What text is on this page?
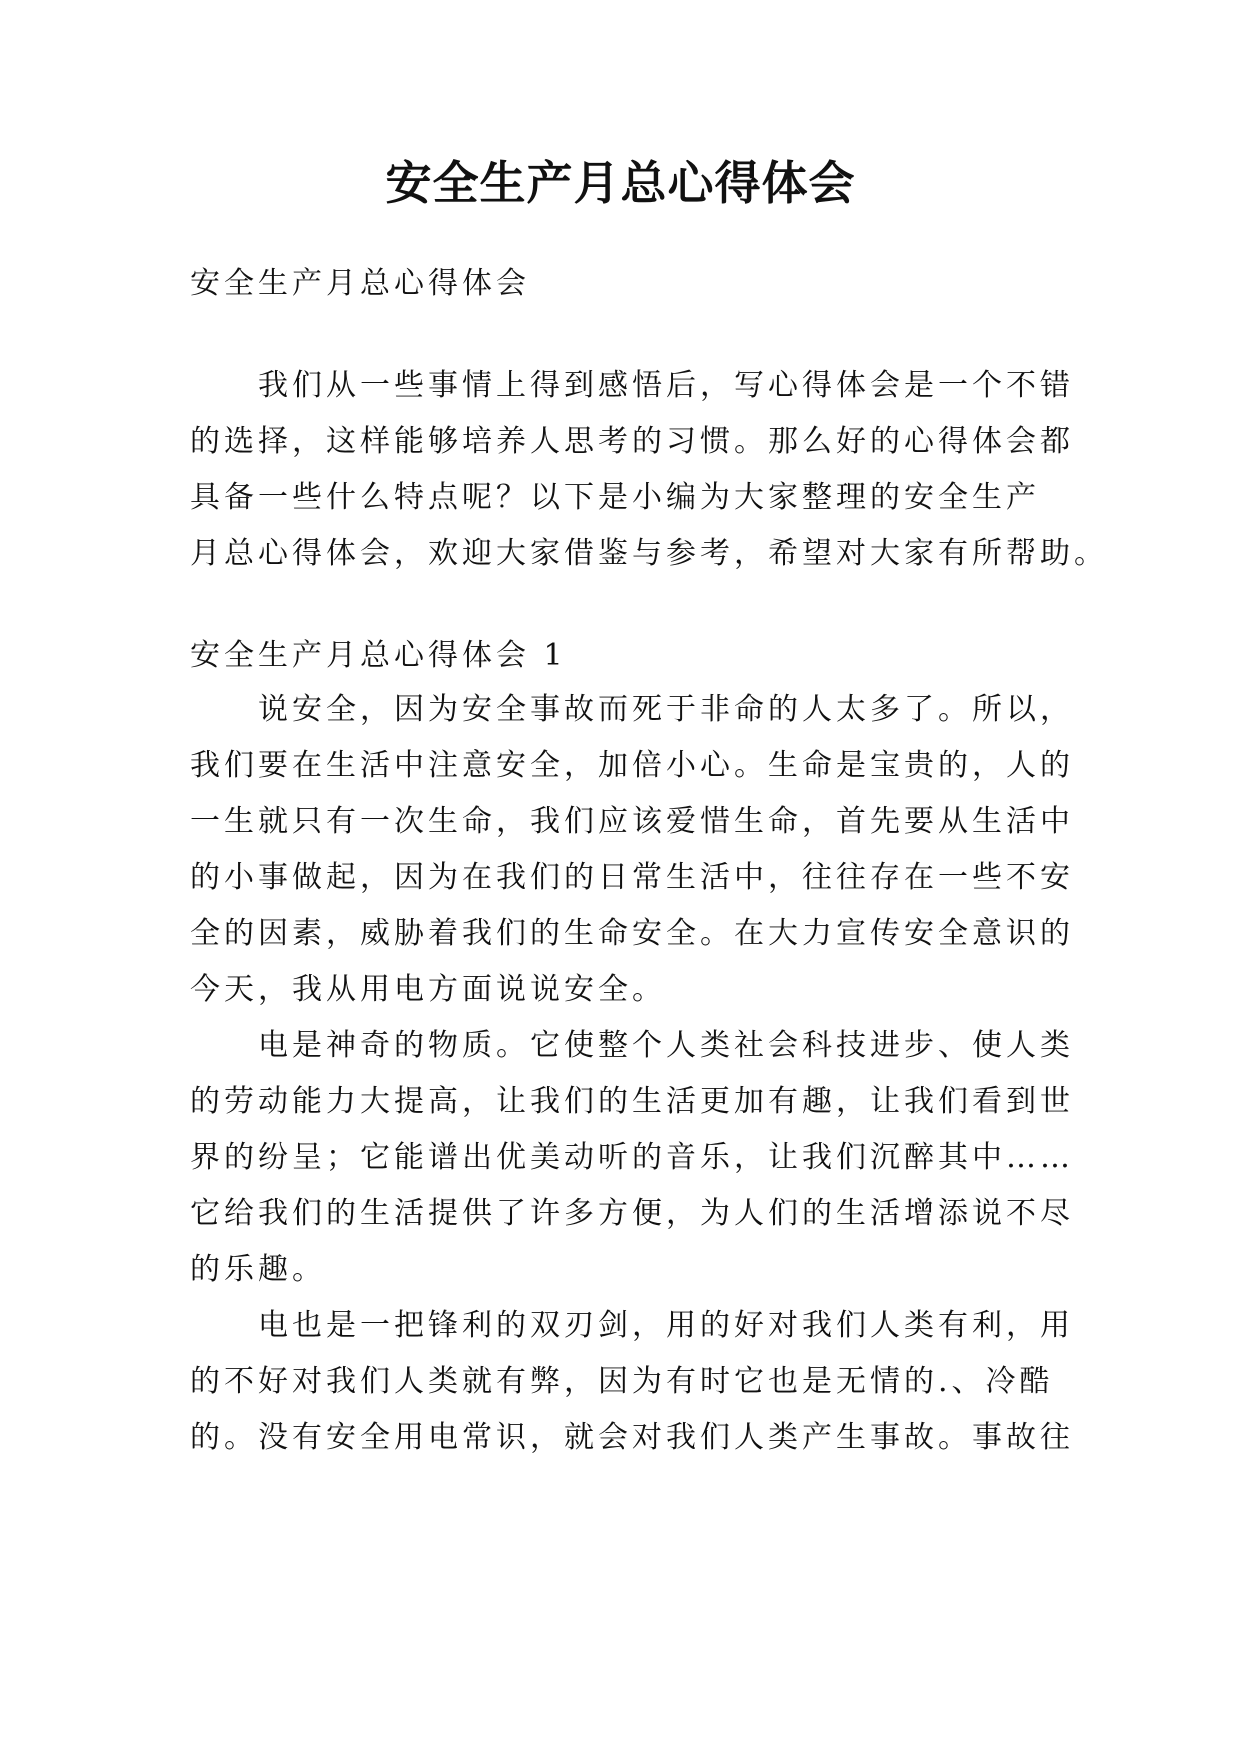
安全生产月总心得体会
安全生产月总心得体会
我们从一些事情上得到感悟后，写心得体会是一个不错
的选择，这样能够培养人思考的习惯。那么好的心得体会都
具备一些什么特点呢？以下是小编为大家整理的安全生产
月总心得体会，欢迎大家借鉴与参考，希望对大家有所帮助。
安全生产月总心得体会 1
说安全，因为安全事故而死于非命的人太多了。所以，
我们要在生活中注意安全，加倍小心。生命是宝贵的，人的
一生就只有一次生命，我们应该爱惜生命，首先要从生活中
的小事做起，因为在我们的日常生活中，往往存在一些不安
全的因素，威胁着我们的生命安全。在大力宣传安全意识的
今天，我从用电方面说说安全。
电是神奇的物质。它使整个人类社会科技进步、使人类
的劳动能力大提高，让我们的生活更加有趣，让我们看到世
界的纷呈；它能谱出优美动听的音乐，让我们沉醉其中……
它给我们的生活提供了许多方便，为人们的生活增添说不尽
的乐趣。
电也是一把锋利的双刃剑，用的好对我们人类有利，用
的不好对我们人类就有弊，因为有时它也是无情的.、冷酷
的。没有安全用电常识，就会对我们人类产生事故。事故往
